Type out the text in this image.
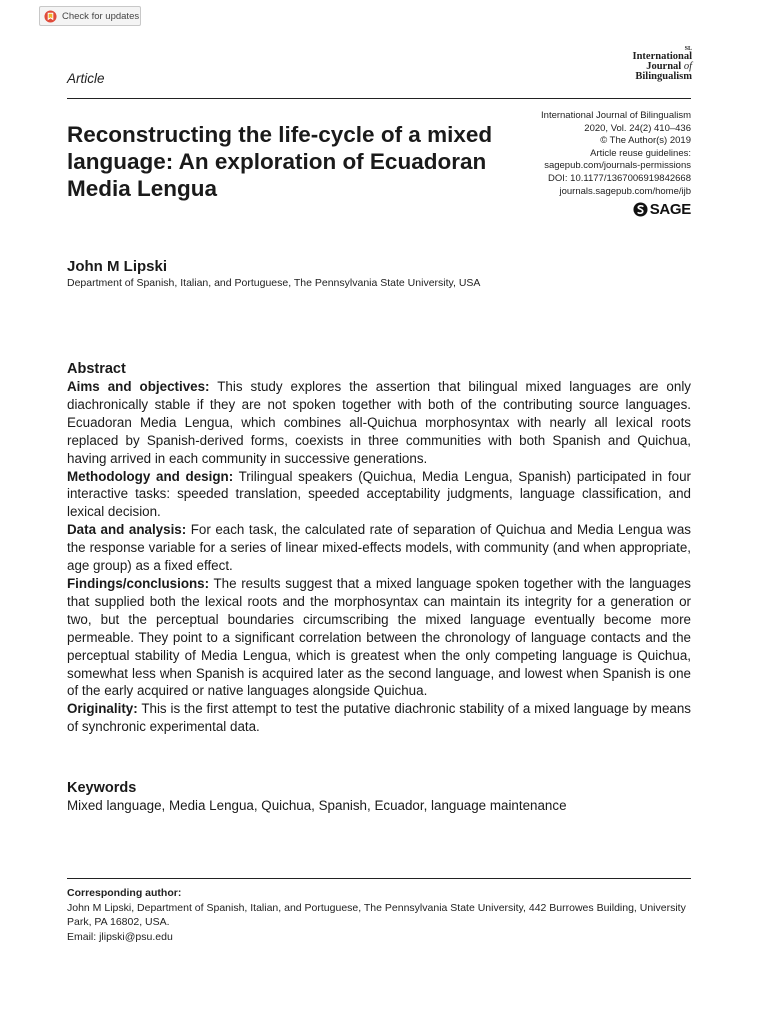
Check for updates
Article
SL
International
Journal of
Bilingualism
Reconstructing the life-cycle of a mixed language: An exploration of Ecuadoran Media Lengua
International Journal of Bilingualism
2020, Vol. 24(2) 410–436
© The Author(s) 2019
Article reuse guidelines:
sagepub.com/journals-permissions
DOI: 10.1177/1367006919842668
journals.sagepub.com/home/ijb
SAGE
John M Lipski
Department of Spanish, Italian, and Portuguese, The Pennsylvania State University, USA
Abstract

Aims and objectives: This study explores the assertion that bilingual mixed languages are only diachronically stable if they are not spoken together with both of the contributing source languages. Ecuadoran Media Lengua, which combines all-Quichua morphosyntax with nearly all lexical roots replaced by Spanish-derived forms, coexists in three communities with both Spanish and Quichua, having arrived in each community in successive generations.

Methodology and design: Trilingual speakers (Quichua, Media Lengua, Spanish) participated in four interactive tasks: speeded translation, speeded acceptability judgments, language classification, and lexical decision.

Data and analysis: For each task, the calculated rate of separation of Quichua and Media Lengua was the response variable for a series of linear mixed-effects models, with community (and when appropriate, age group) as a fixed effect.

Findings/conclusions: The results suggest that a mixed language spoken together with the languages that supplied both the lexical roots and the morphosyntax can maintain its integrity for a generation or two, but the perceptual boundaries circumscribing the mixed language eventually become more permeable. They point to a significant correlation between the chronology of language contacts and the perceptual stability of Media Lengua, which is greatest when the only competing language is Quichua, somewhat less when Spanish is acquired later as the second language, and lowest when Spanish is one of the early acquired or native languages alongside Quichua.

Originality: This is the first attempt to test the putative diachronic stability of a mixed language by means of synchronic experimental data.

Keywords
Mixed language, Media Lengua, Quichua, Spanish, Ecuador, language maintenance
Corresponding author:
John M Lipski, Department of Spanish, Italian, and Portuguese, The Pennsylvania State University, 442 Burrowes Building, University Park, PA 16802, USA.
Email: jlipski@psu.edu
